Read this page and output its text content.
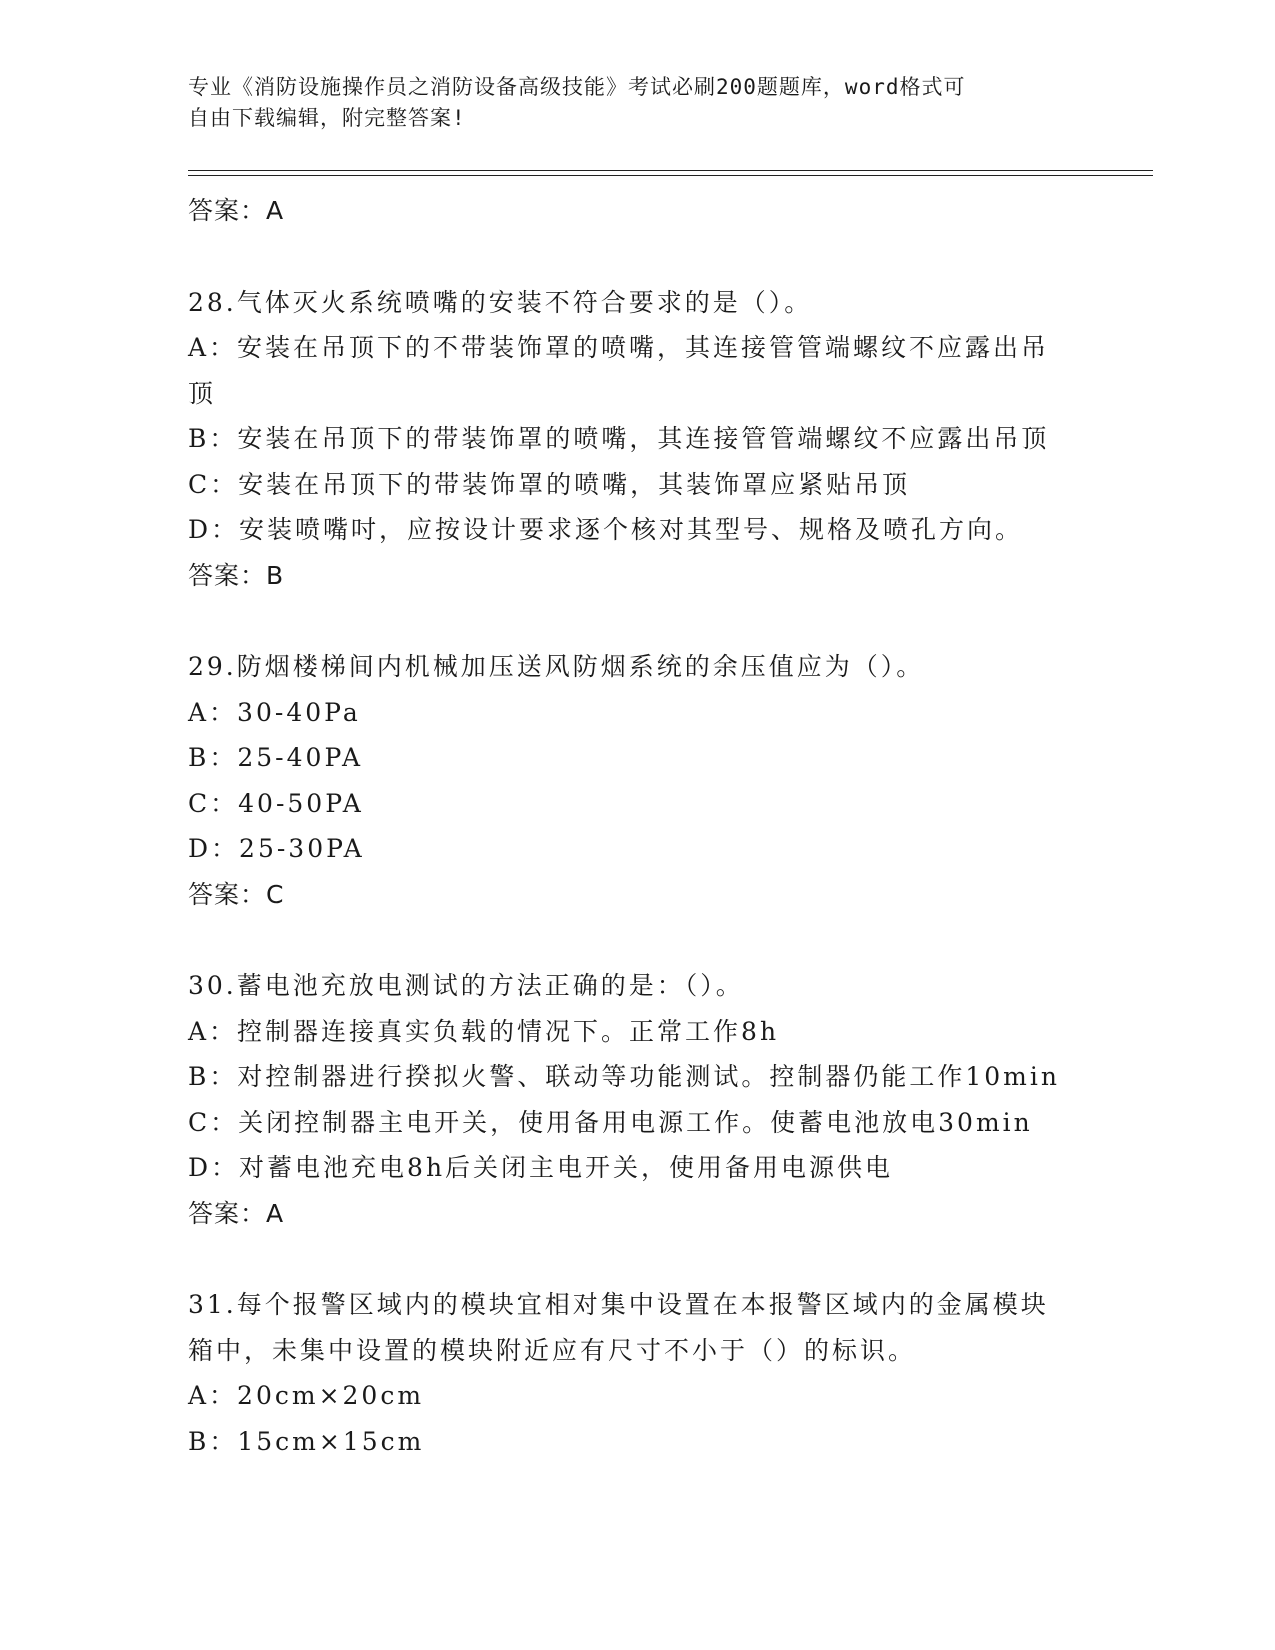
专业《消防设施操作员之消防设备高级技能》考试必刷200题题库，word格式可
自由下载编辑，附完整答案!
答案：A
28.气体灭火系统喷嘴的安装不符合要求的是（）。
A：安装在吊顶下的不带装饰罩的喷嘴，其连接管管端螺纹不应露出吊
顶
B：安装在吊顶下的带装饰罩的喷嘴，其连接管管端螺纹不应露出吊顶
C：安装在吊顶下的带装饰罩的喷嘴，其装饰罩应紧贴吊顶
D：安装喷嘴吋，应按设计要求逐个核对其型号、规格及喷孔方向。
答案：B
29.防烟楼梯间内机械加压送风防烟系统的余压值应为（）。
A：30-40Pa
B：25-40PA
C：40-50PA
D：25-30PA
答案：C
30.蓄电池充放电测试的方法正确的是：（）。
A：控制器连接真实负载的情况下。正常工作8h
B：对控制器进行揆拟火警、联动等功能测试。控制器仍能工作10min
C：关闭控制器主电开关，使用备用电源工作。使蓄电池放电30min
D：对蓄电池充电8h后关闭主电开关，使用备用电源供电
答案：A
31.每个报警区域内的模块宜相对集中设置在本报警区域内的金属模块
箱中，未集中设置的模块附近应有尺寸不小于（）的标识。
A：20cm×20cm
B：15cm×15cm
